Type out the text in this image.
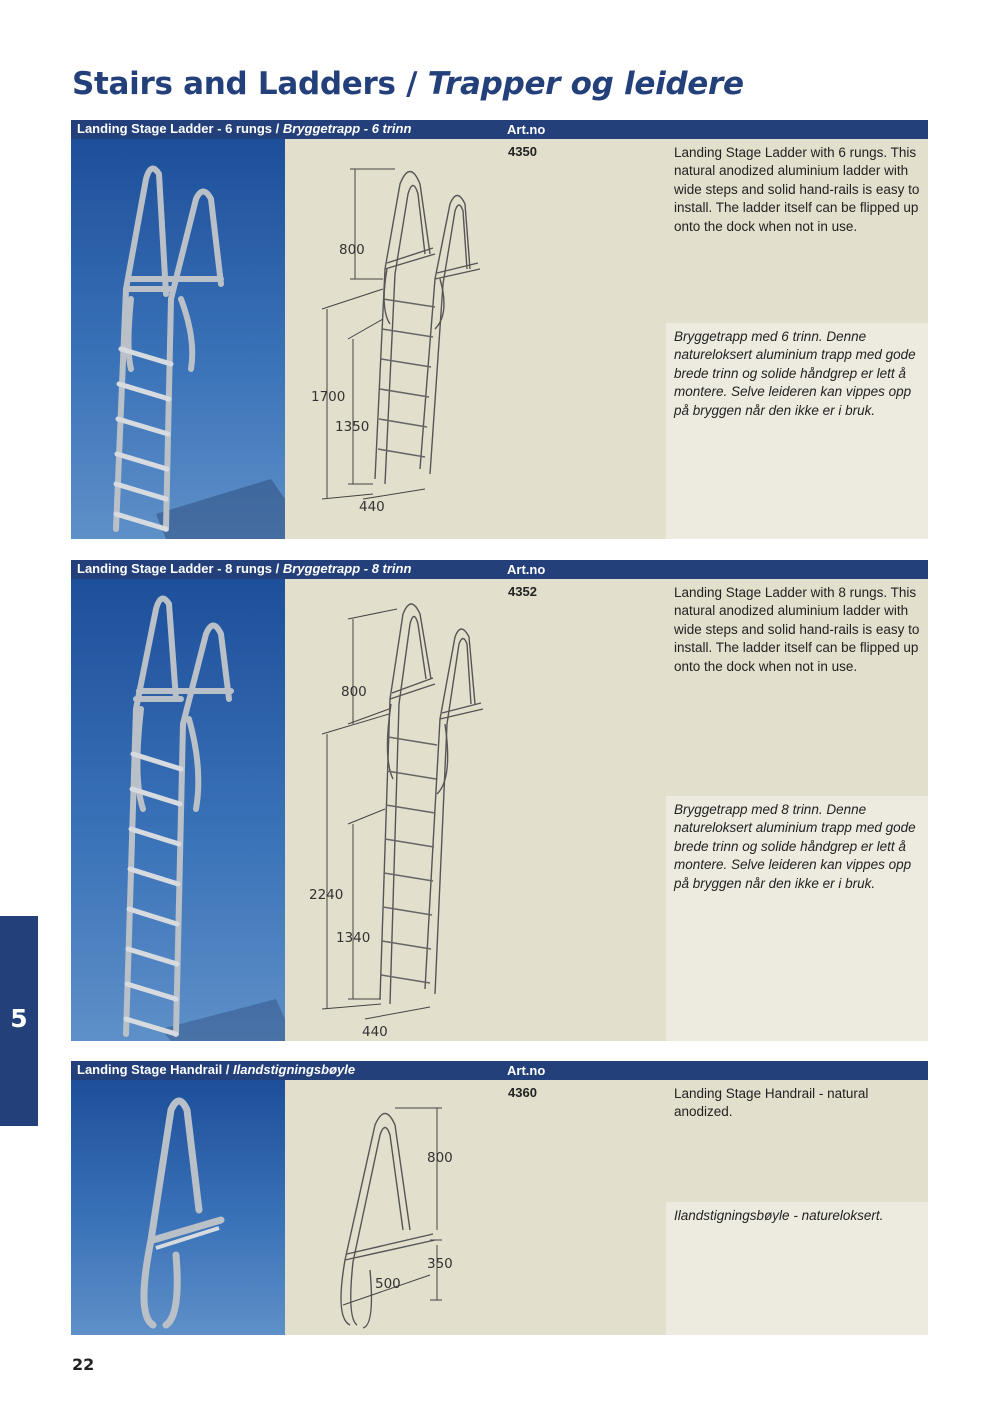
Stairs and Ladders / Trapper og leidere
Landing Stage Ladder - 6 rungs / Bryggetrapp - 6 trinn	Art.no
800
1700
1350
440
4350	Landing Stage Ladder with 6 rungs. This natural anodized aluminium ladder with wide steps and solid hand-rails is easy to install. The ladder itself can be flipped up onto the dock when not in use.

Bryggetrapp med 6 trinn. Denne natureloksert aluminium trapp med gode brede trinn og solide håndgrep er lett å montere. Selve leideren kan vippes opp på bryggen når den ikke er i bruk.

Landing Stage Ladder - 8 rungs / Bryggetrapp - 8 trinn	Art.no
800
2240
1340
440
4352	Landing Stage Ladder with 8 rungs. This natural anodized aluminium ladder with wide steps and solid hand-rails is easy to install. The ladder itself can be flipped up onto the dock when not in use.

Bryggetrapp med 8 trinn. Denne natureloksert aluminium trapp med gode brede trinn og solide håndgrep er lett å montere. Selve leideren kan vippes opp på bryggen når den ikke er i bruk.

Landing Stage Handrail / Ilandstigningsbøyle	Art.no
800
350
500
4360	Landing Stage Handrail - natural anodized.

Ilandstigningsbøyle - natureloksert.

5
22
